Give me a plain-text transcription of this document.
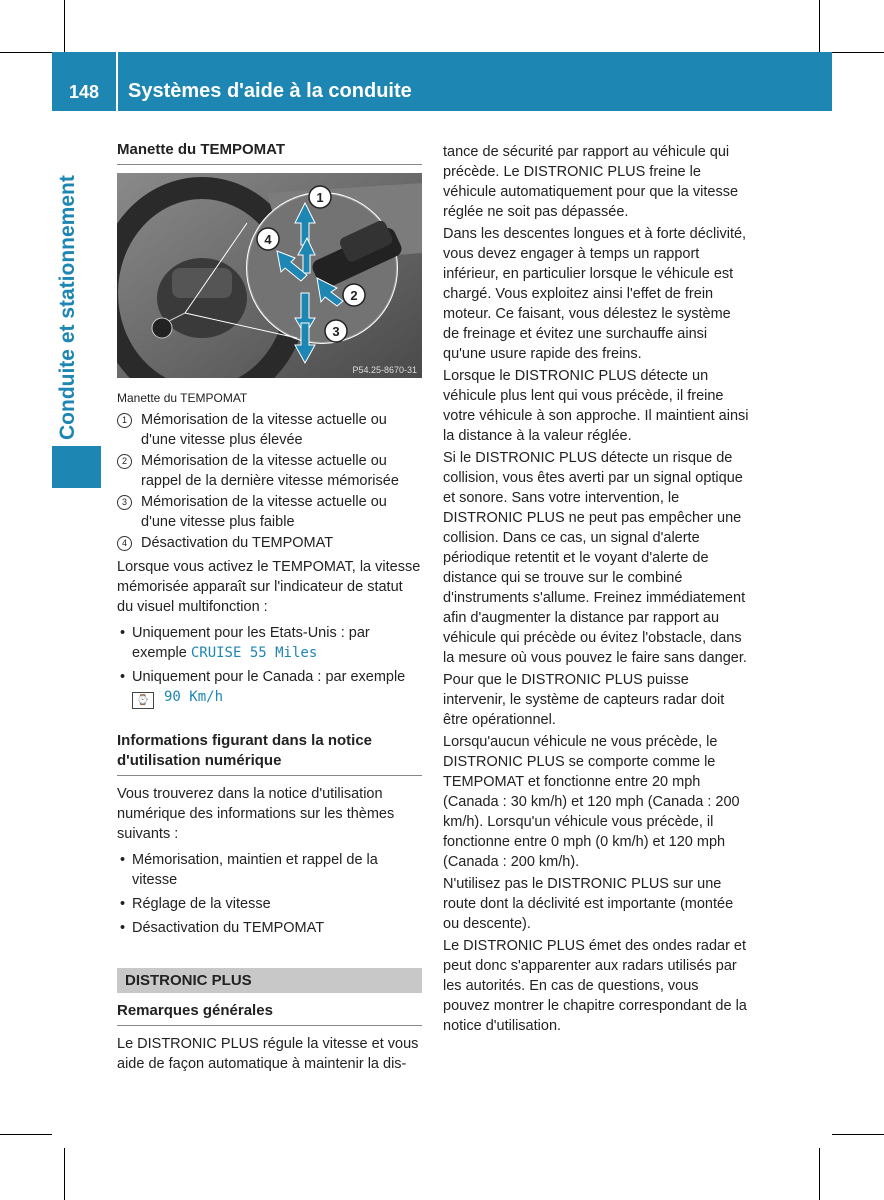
148	Systèmes d'aide à la conduite
Conduite et stationnement
Manette du TEMPOMAT
1
2
3
4
P54.25-8670-31
Manette du TEMPOMAT
1 Mémorisation de la vitesse actuelle ou d'une vitesse plus élevée

2 Mémorisation de la vitesse actuelle ou rappel de la dernière vitesse mémorisée

3 Mémorisation de la vitesse actuelle ou d'une vitesse plus faible

4 Désactivation du TEMPOMAT

Lorsque vous activez le TEMPOMAT, la vitesse mémorisée apparaît sur l'indicateur de statut du visuel multifonction :

• Uniquement pour les Etats-Unis : par exemple CRUISE 55 Miles
• Uniquement pour le Canada : par exemple
⌚ 90 Km/h
Informations figurant dans la notice d'utilisation numérique

Vous trouverez dans la notice d'utilisation numérique des informations sur les thèmes suivants :

• Mémorisation, maintien et rappel de la vitesse
• Réglage de la vitesse
• Désactivation du TEMPOMAT
DISTRONIC PLUS
Remarques générales

Le DISTRONIC PLUS régule la vitesse et vous aide de façon automatique à maintenir la dis-

tance de sécurité par rapport au véhicule qui précède. Le DISTRONIC PLUS freine le véhicule automatiquement pour que la vitesse réglée ne soit pas dépassée.

Dans les descentes longues et à forte déclivité, vous devez engager à temps un rapport inférieur, en particulier lorsque le véhicule est chargé. Vous exploitez ainsi l'effet de frein moteur. Ce faisant, vous délestez le système de freinage et évitez une surchauffe ainsi qu'une usure rapide des freins.

Lorsque le DISTRONIC PLUS détecte un véhicule plus lent qui vous précède, il freine votre véhicule à son approche. Il maintient ainsi la distance à la valeur réglée.

Si le DISTRONIC PLUS détecte un risque de collision, vous êtes averti par un signal optique et sonore. Sans votre intervention, le DISTRONIC PLUS ne peut pas empêcher une collision. Dans ce cas, un signal d'alerte périodique retentit et le voyant d'alerte de distance qui se trouve sur le combiné d'instruments s'allume. Freinez immédiatement afin d'augmenter la distance par rapport au véhicule qui précède ou évitez l'obstacle, dans la mesure où vous pouvez le faire sans danger.

Pour que le DISTRONIC PLUS puisse intervenir, le système de capteurs radar doit être opérationnel.

Lorsqu'aucun véhicule ne vous précède, le DISTRONIC PLUS se comporte comme le TEMPOMAT et fonctionne entre 20 mph (Canada : 30 km/h) et 120 mph (Canada : 200 km/h). Lorsqu'un véhicule vous précède, il fonctionne entre 0 mph (0 km/h) et 120 mph (Canada : 200 km/h).

N'utilisez pas le DISTRONIC PLUS sur une route dont la déclivité est importante (montée ou descente).

Le DISTRONIC PLUS émet des ondes radar et peut donc s'apparenter aux radars utilisés par les autorités. En cas de questions, vous pouvez montrer le chapitre correspondant de la notice d'utilisation.
